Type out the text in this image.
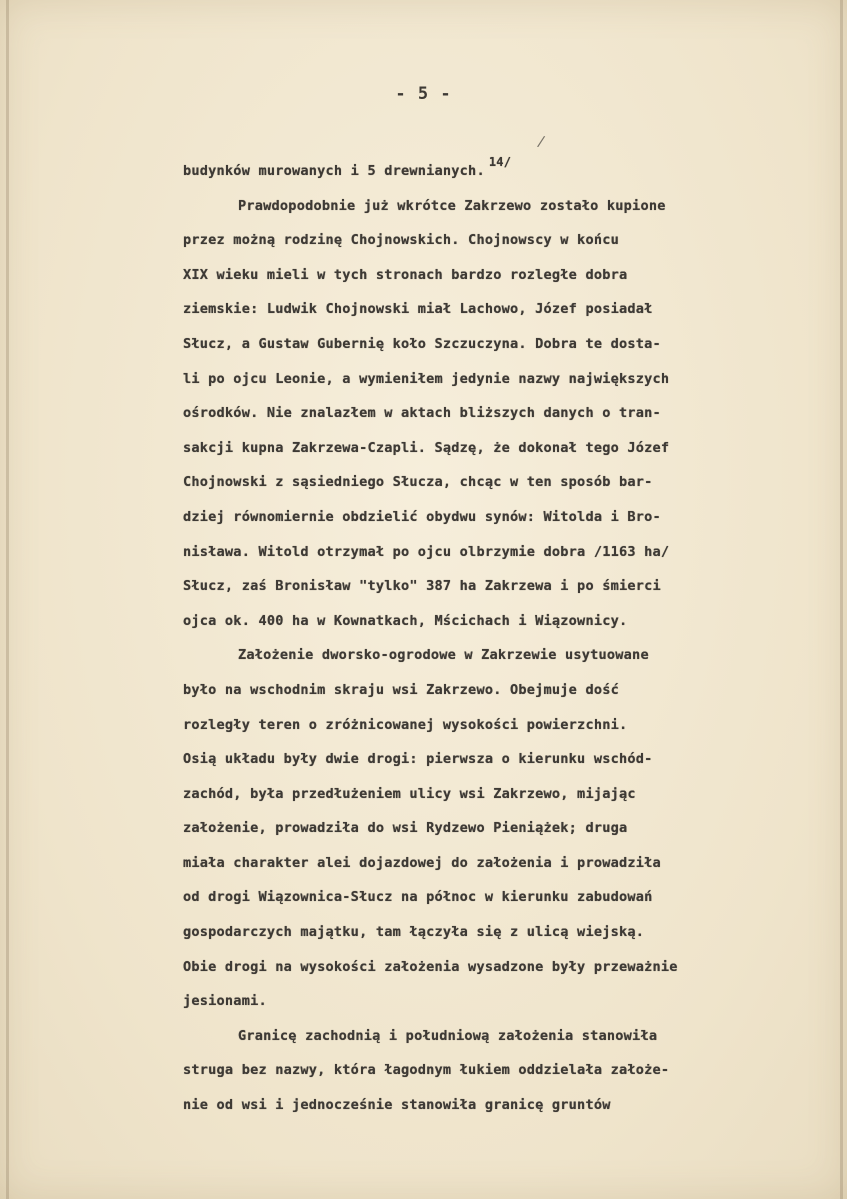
- 5 -
/
budynków murowanych i 5 drewnianych.14/
Prawdopodobnie już wkrótce Zakrzewo zostało kupione
przez możną rodzinę Chojnowskich. Chojnowscy w końcu
XIX wieku mieli w tych stronach bardzo rozległe dobra
ziemskie: Ludwik Chojnowski miał Lachowo, Józef posiadał
Słucz, a Gustaw Gubernię koło Szczuczyna. Dobra te dosta-
li po ojcu Leonie, a wymieniłem jedynie nazwy największych
ośrodków. Nie znalazłem w aktach bliższych danych o tran-
sakcji kupna Zakrzewa-Czapli. Sądzę, że dokonał tego Józef
Chojnowski z sąsiedniego Słucza, chcąc w ten sposób bar-
dziej równomiernie obdzielić obydwu synów: Witolda i Bro-
nisława. Witold otrzymał po ojcu olbrzymie dobra /1163 ha/
Słucz, zaś Bronisław "tylko" 387 ha Zakrzewa i po śmierci
ojca ok. 400 ha w Kownatkach, Mścichach i Wiązownicy.
Założenie dworsko-ogrodowe w Zakrzewie usytuowane
było na wschodnim skraju wsi Zakrzewo. Obejmuje dość
rozległy teren o zróżnicowanej wysokości powierzchni.
Osią układu były dwie drogi: pierwsza o kierunku wschód-
zachód, była przedłużeniem ulicy wsi Zakrzewo, mijając
założenie, prowadziła do wsi Rydzewo Pieniążek; druga
miała charakter alei dojazdowej do założenia i prowadziła
od drogi Wiązownica-Słucz na północ w kierunku zabudowań
gospodarczych majątku, tam łączyła się z ulicą wiejską.
Obie drogi na wysokości założenia wysadzone były przeważnie
jesionami.
Granicę zachodnią i południową założenia stanowiła
struga bez nazwy, która łagodnym łukiem oddzielała założe-
nie od wsi i jednocześnie stanowiła granicę gruntów
